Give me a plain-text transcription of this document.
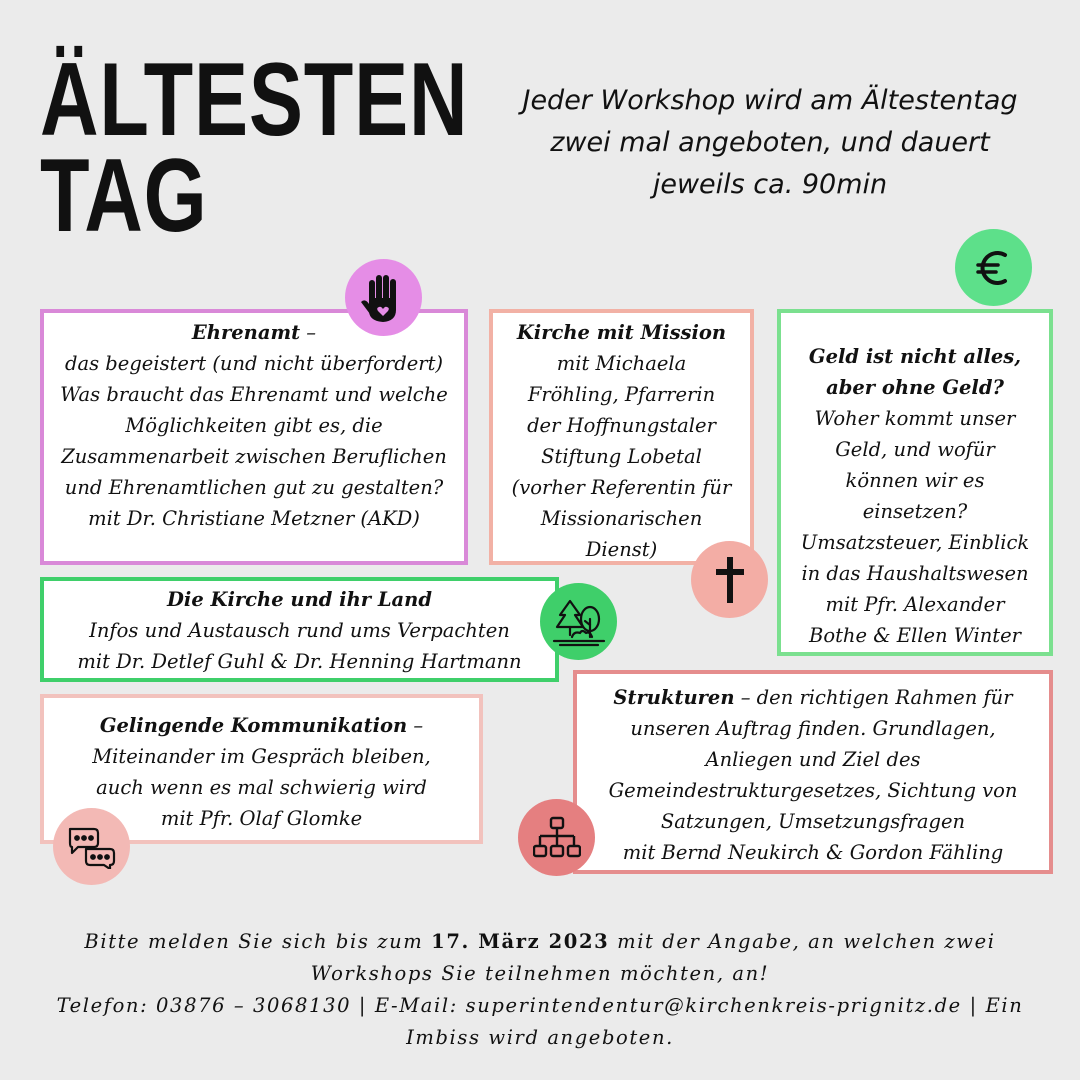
ÄLTESTEN
TAG
Jeder Workshop wird am Ältestentag
zwei mal angeboten, und dauert
jeweils ca. 90min
Ehrenamt –
das begeistert (und nicht überfordert)
Was braucht das Ehrenamt und welche
Möglichkeiten gibt es, die
Zusammenarbeit zwischen Beruflichen
und Ehrenamtlichen gut zu gestalten?
mit Dr. Christiane Metzner (AKD)
Kirche mit Mission
mit Michaela
Fröhling, Pfarrerin
der Hoffnungstaler
Stiftung Lobetal
(vorher Referentin für
Missionarischen
Dienst)
Geld ist nicht alles,
aber ohne Geld?
Woher kommt unser
Geld, und wofür
können wir es
einsetzen?
Umsatzsteuer, Einblick
in das Haushaltswesen
mit Pfr. Alexander
Bothe & Ellen Winter
Die Kirche und ihr Land
Infos und Austausch rund ums Verpachten
mit Dr. Detlef Guhl & Dr. Henning Hartmann
Gelingende Kommunikation –
Miteinander im Gespräch bleiben,
auch wenn es mal schwierig wird
mit Pfr. Olaf Glomke
Strukturen – den richtigen Rahmen für
unseren Auftrag finden. Grundlagen,
Anliegen und Ziel des
Gemeindestrukturgesetzes, Sichtung von
Satzungen, Umsetzungsfragen
mit Bernd Neukirch & Gordon Fähling
Bitte melden Sie sich bis zum 17. März 2023 mit der Angabe, an welchen zwei
Workshops Sie teilnehmen möchten, an!
Telefon: 03876 – 3068130 | E-Mail: superintendentur@kirchenkreis-prignitz.de | Ein
Imbiss wird angeboten.
